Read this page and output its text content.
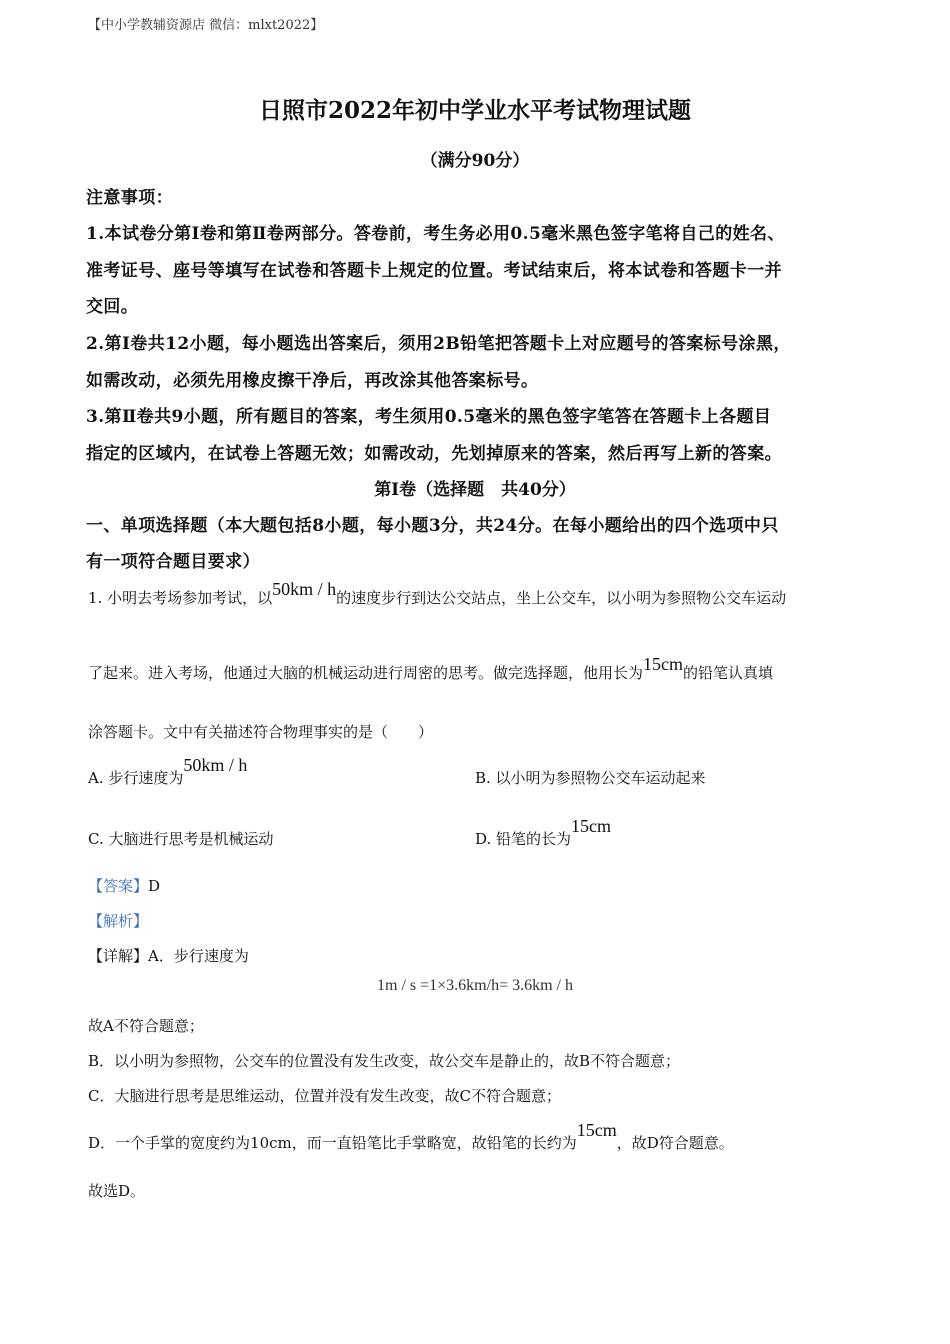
【中小学教辅资源店 微信：mlxt2022】
日照市2022年初中学业水平考试物理试题
（满分90分）
注意事项：
1.本试卷分第Ⅰ卷和第Ⅱ卷两部分。答卷前，考生务必用0.5毫米黑色签字笔将自己的姓名、
准考证号、座号等填写在试卷和答题卡上规定的位置。考试结束后，将本试卷和答题卡一并
交回。
2.第Ⅰ卷共12小题，每小题选出答案后，须用2B铅笔把答题卡上对应题号的答案标号涂黑，
如需改动，必须先用橡皮擦干净后，再改涂其他答案标号。
3.第Ⅱ卷共9小题，所有题目的答案，考生须用0.5毫米的黑色签字笔答在答题卡上各题目
指定的区域内，在试卷上答题无效；如需改动，先划掉原来的答案，然后再写上新的答案。
第Ⅰ卷（选择题　共40分）
一、单项选择题（本大题包括8小题，每小题3分，共24分。在每小题给出的四个选项中只
有一项符合题目要求）
1. 小明去考场参加考试，以50km / h的速度步行到达公交站点，坐上公交车，以小明为参照物公交车运动
了起来。进入考场，他通过大脑的机械运动进行周密的思考。做完选择题，他用长为15cm的铅笔认真填
涂答题卡。文中有关描述符合物理事实的是（　　）
A. 步行速度为50km / h
B. 以小明为参照物公交车运动起来
C. 大脑进行思考是机械运动	D. 铅笔的长为15cm
【答案】D
【解析】
【详解】A．步行速度为
1m / s =1×3.6km/h= 3.6km / h
故A不符合题意；
B．以小明为参照物，公交车的位置没有发生改变，故公交车是静止的，故B不符合题意；
C．大脑进行思考是思维运动，位置并没有发生改变，故C不符合题意；
D．一个手掌的宽度约为10cm，而一直铅笔比手掌略宽，故铅笔的长约为15cm，故D符合题意。
故选D。
